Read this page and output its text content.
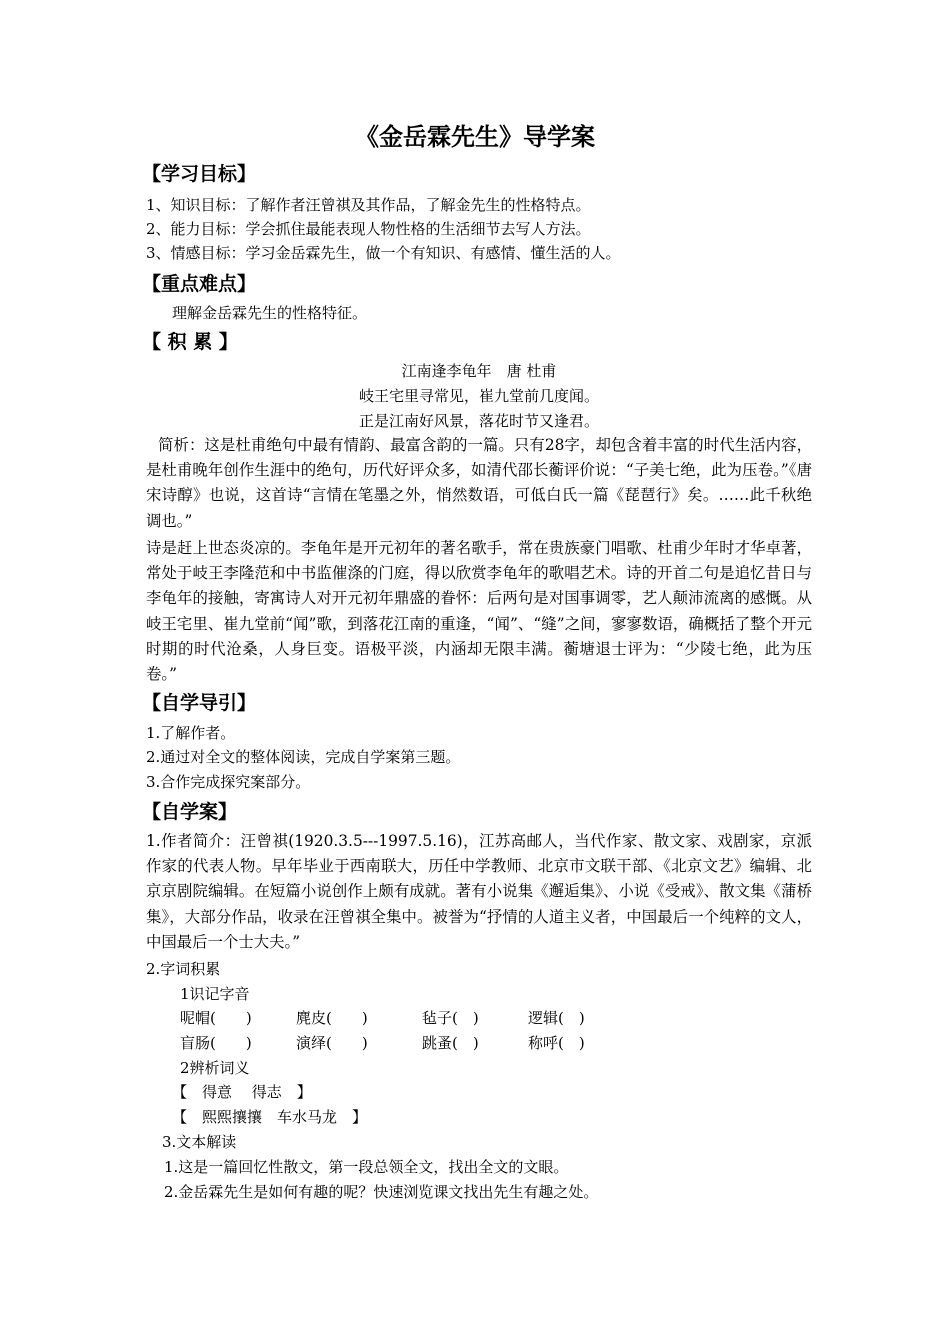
《金岳霖先生》导学案
【学习目标】
1、知识目标：了解作者汪曾祺及其作品，了解金先生的性格特点。
2、能力目标：学会抓住最能表现人物性格的生活细节去写人方法。
3、情感目标：学习金岳霖先生，做一个有知识、有感情、懂生活的人。
【重点难点】
理解金岳霖先生的性格特征。
【 积 累 】
江南逢李龟年　唐 杜甫
岐王宅里寻常见，崔九堂前几度闻。
正是江南好风景，落花时节又逢君。
简析：这是杜甫绝句中最有情韵、最富含韵的一篇。只有28字，却包含着丰富的时代生活内容，是杜甫晚年创作生涯中的绝句，历代好评众多，如清代邵长蘅评价说：“子美七绝，此为压卷。”《唐宋诗醇》也说，这首诗“言情在笔墨之外，悄然数语，可低白氏一篇《琵琶行》矣。……此千秋绝调也。”
诗是赶上世态炎凉的。李龟年是开元初年的著名歌手，常在贵族豪门唱歌、杜甫少年时才华卓著，常处于岐王李隆范和中书监催涤的门庭，得以欣赏李龟年的歌唱艺术。诗的开首二句是追忆昔日与李龟年的接触，寄寓诗人对开元初年鼎盛的眷怀：后两句是对国事调零，艺人颠沛流离的感慨。从岐王宅里、崔九堂前“闻”歌，到落花江南的重逢，“闻”、“缝”之间，寥寥数语，确概括了整个开元时期的时代沧桑，人身巨变。语极平淡，内涵却无限丰满。蘅塘退士评为：“少陵七绝，此为压卷。”
【自学导引】
1.了解作者。
2.通过对全文的整体阅读，完成自学案第三题。
3.合作完成探究案部分。
【自学案】
1.作者简介：汪曾祺(1920.3.5---1997.5.16)，江苏高邮人，当代作家、散文家、戏剧家，京派作家的代表人物。早年毕业于西南联大，历任中学教师、北京市文联干部、《北京文艺》编辑、北京京剧院编辑。在短篇小说创作上颇有成就。著有小说集《邂逅集》、小说《受戒》、散文集《蒲桥集》，大部分作品，收录在汪曾祺全集中。被誉为“抒情的人道主义者，中国最后一个纯粹的文人，中国最后一个士大夫。”
2.字词积累
1识记字音
呢帽(　　)	麂皮(　　)	毡子(　)	逻辑(　)
盲肠(　　)	演绎(　　)	跳蚤(　)	称呼(　)
2辨析词义
【　得意　 得志　】
【　熙熙攘攘　车水马龙　】
3.文本解读
1.这是一篇回忆性散文，第一段总领全文，找出全文的文眼。
2.金岳霖先生是如何有趣的呢？快速浏览课文找出先生有趣之处。
